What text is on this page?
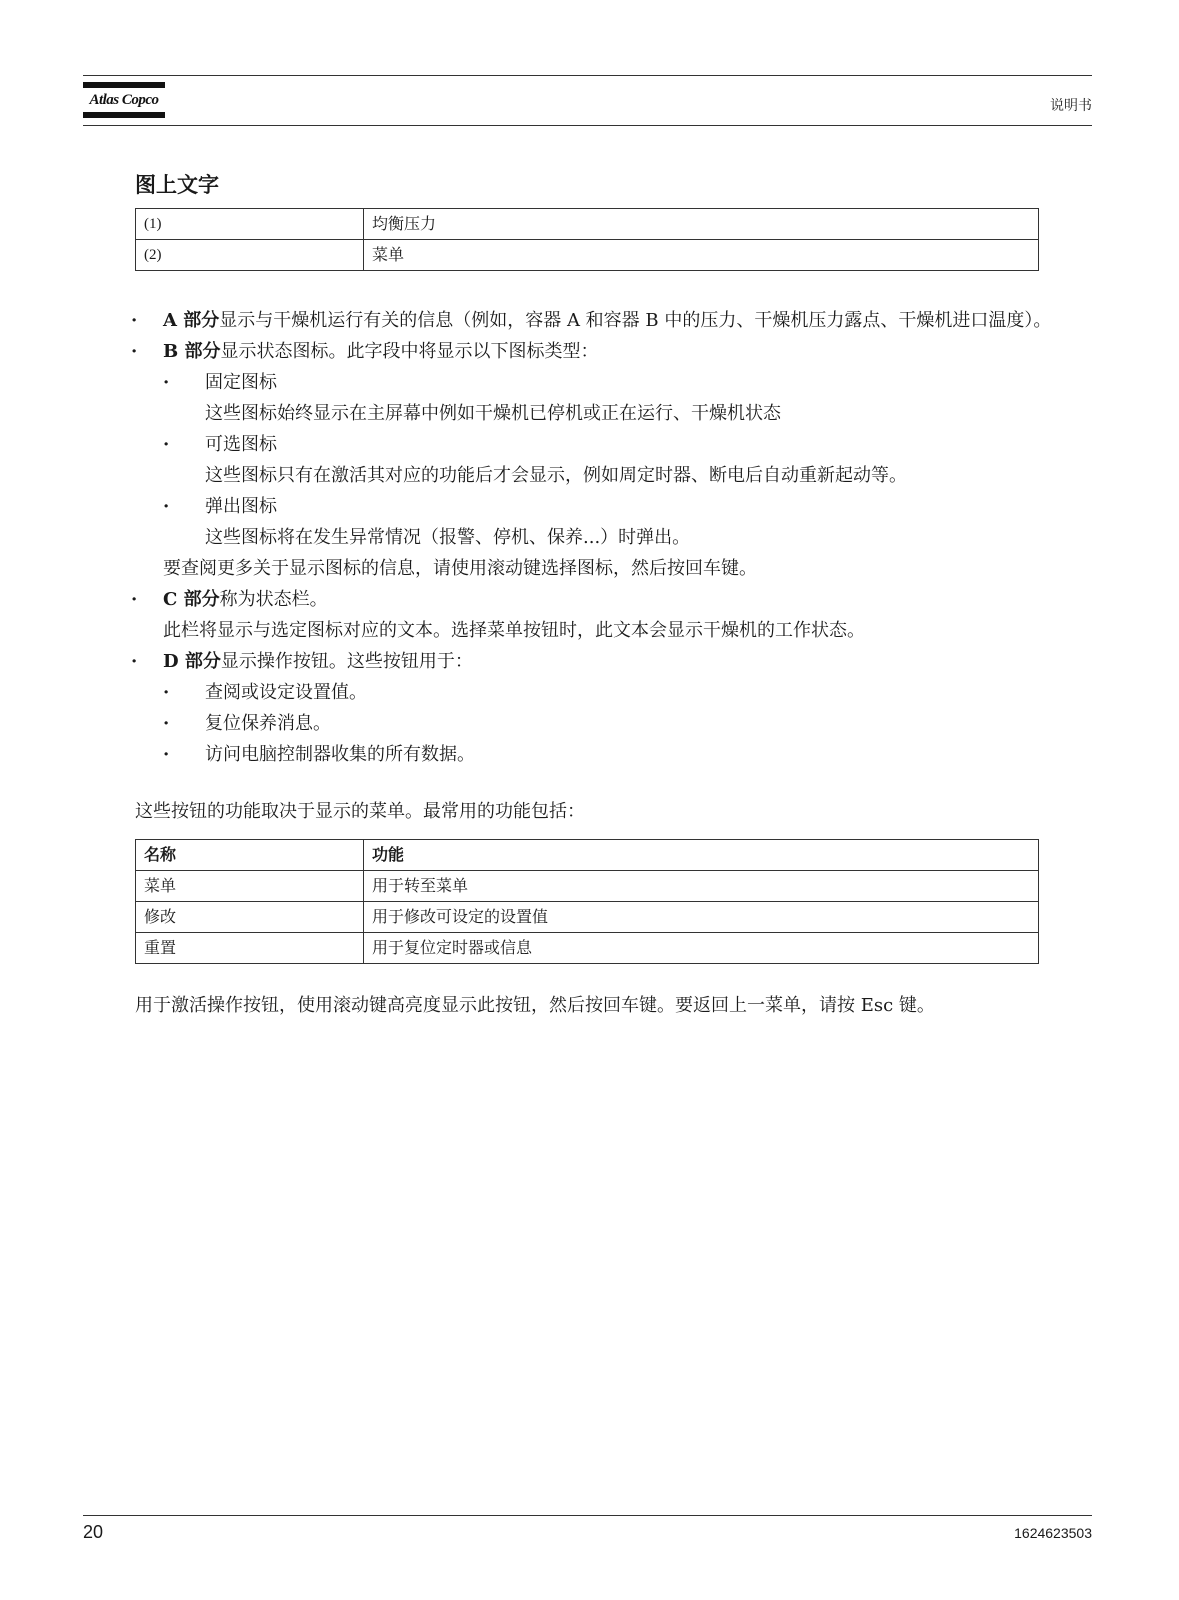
Atlas Copco	说明书
图上文字
(1)	均衡压力
(2)	菜单
· A 部分显示与干燥机运行有关的信息（例如，容器 A 和容器 B 中的压力、干燥机压力露点、干燥机进口温度）。
· B 部分显示状态图标。此字段中将显示以下图标类型：
· 固定图标
这些图标始终显示在主屏幕中例如干燥机已停机或正在运行、干燥机状态
· 可选图标
这些图标只有在激活其对应的功能后才会显示，例如周定时器、断电后自动重新起动等。
· 弹出图标
这些图标将在发生异常情况（报警、停机、保养...）时弹出。
要查阅更多关于显示图标的信息，请使用滚动键选择图标，然后按回车键。
· C 部分称为状态栏。
此栏将显示与选定图标对应的文本。选择菜单按钮时，此文本会显示干燥机的工作状态。
· D 部分显示操作按钮。这些按钮用于：
· 查阅或设定设置值。
· 复位保养消息。
· 访问电脑控制器收集的所有数据。

这些按钮的功能取决于显示的菜单。最常用的功能包括：

名称	功能
菜单	用于转至菜单
修改	用于修改可设定的设置值
重置	用于复位定时器或信息

用于激活操作按钮，使用滚动键高亮度显示此按钮，然后按回车键。要返回上一菜单，请按 Esc 键。

20	1624623503
